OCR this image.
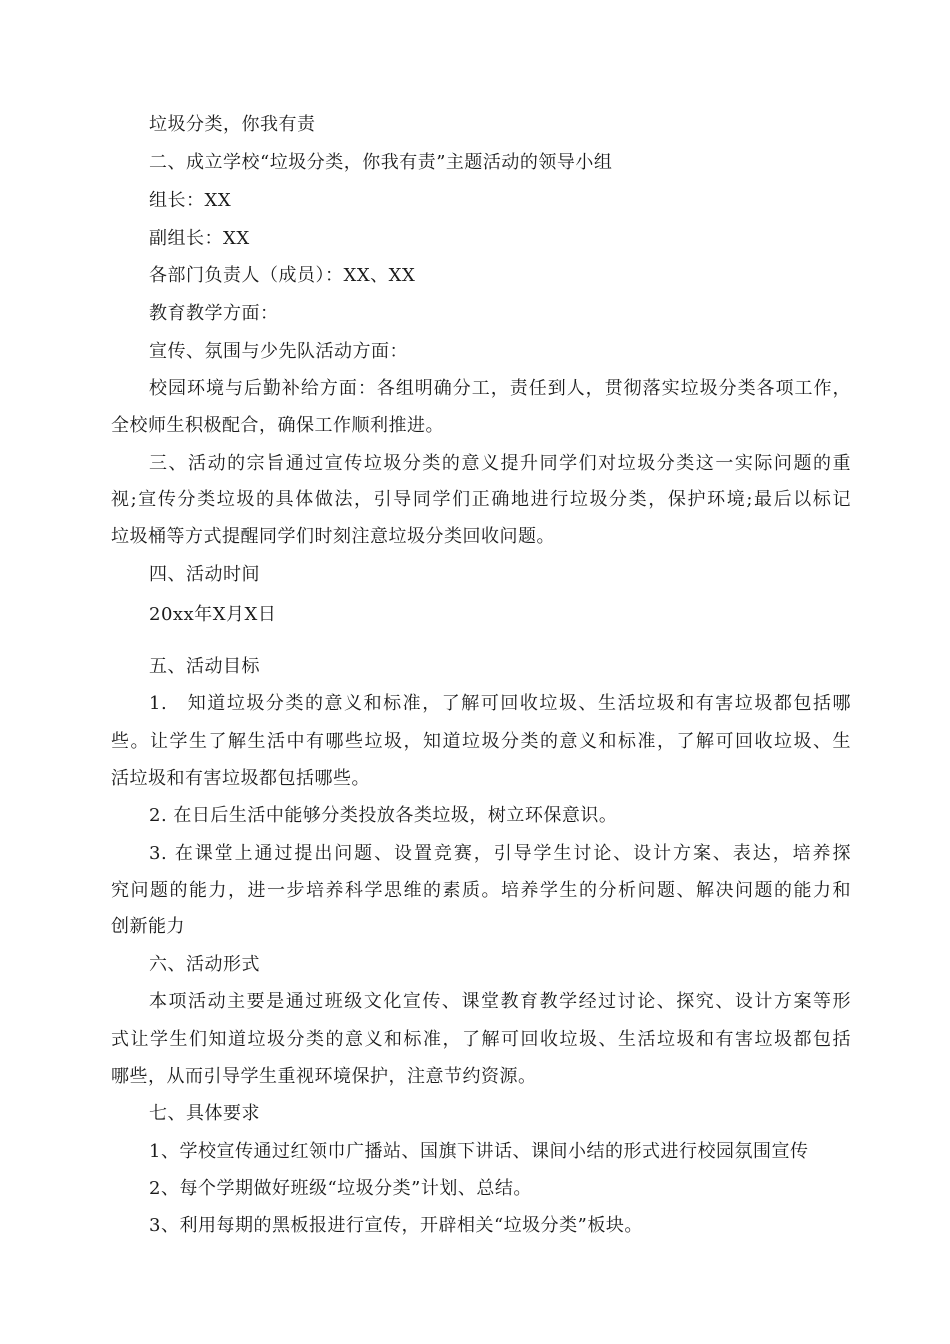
垃圾分类，你我有责
二、成立学校“垃圾分类，你我有责”主题活动的领导小组
组长：XX
副组长：XX
各部门负责人（成员）：XX、XX
教育教学方面：
宣传、氛围与少先队活动方面：
校园环境与后勤补给方面：各组明确分工，责任到人，贯彻落实垃圾分类各项工作，
全校师生积极配合，确保工作顺利推进。
三、活动的宗旨通过宣传垃圾分类的意义提升同学们对垃圾分类这一实际问题的重
视;宣传分类垃圾的具体做法，引导同学们正确地进行垃圾分类，保护环境;最后以标记
垃圾桶等方式提醒同学们时刻注意垃圾分类回收问题。
四、活动时间
20xx年X月X日
五、活动目标
1.　知道垃圾分类的意义和标准，了解可回收垃圾、生活垃圾和有害垃圾都包括哪
些。让学生了解生活中有哪些垃圾，知道垃圾分类的意义和标准，了解可回收垃圾、生
活垃圾和有害垃圾都包括哪些。
2. 在日后生活中能够分类投放各类垃圾，树立环保意识。
3. 在课堂上通过提出问题、设置竞赛，引导学生讨论、设计方案、表达，培养探
究问题的能力，进一步培养科学思维的素质。培养学生的分析问题、解决问题的能力和
创新能力
六、活动形式
本项活动主要是通过班级文化宣传、课堂教育教学经过讨论、探究、设计方案等形
式让学生们知道垃圾分类的意义和标准，了解可回收垃圾、生活垃圾和有害垃圾都包括
哪些，从而引导学生重视环境保护，注意节约资源。
七、具体要求
1、学校宣传通过红领巾广播站、国旗下讲话、课间小结的形式进行校园氛围宣传
2、每个学期做好班级“垃圾分类”计划、总结。
3、利用每期的黑板报进行宣传，开辟相关“垃圾分类”板块。
